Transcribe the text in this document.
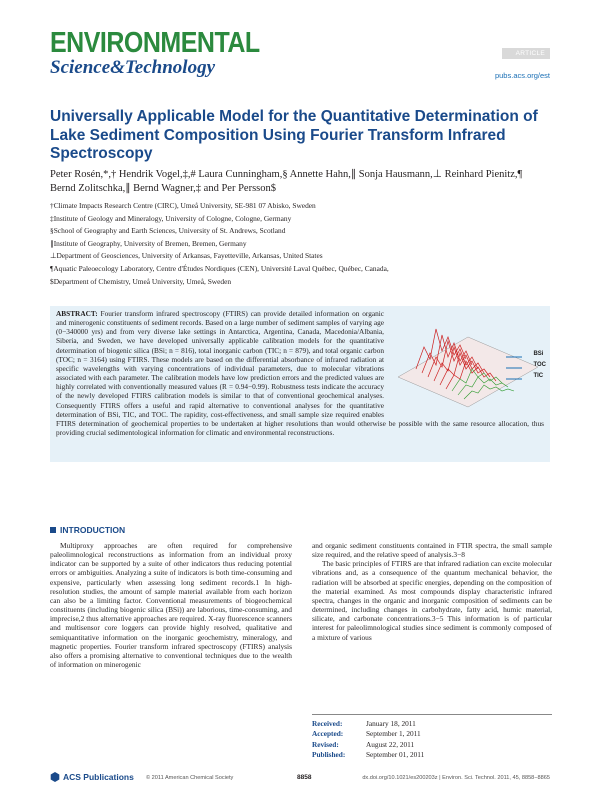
ENVIRONMENTAL
Science&Technology
ARTICLE
pubs.acs.org/est
Universally Applicable Model for the Quantitative Determination of Lake Sediment Composition Using Fourier Transform Infrared Spectroscopy
Peter Rosén,*,† Hendrik Vogel,‡,# Laura Cunningham,§ Annette Hahn,∥ Sonja Hausmann,⊥ Reinhard Pienitz,¶ Bernd Zolitschka,∥ Bernd Wagner,‡ and Per Persson$
†Climate Impacts Research Centre (CIRC), Umeå University, SE-981 07 Abisko, Sweden
‡Institute of Geology and Mineralogy, University of Cologne, Cologne, Germany
§School of Geography and Earth Sciences, University of St. Andrews, Scotland
∥Institute of Geography, University of Bremen, Bremen, Germany
⊥Department of Geosciences, University of Arkansas, Fayetteville, Arkansas, United States
¶Aquatic Paleoecology Laboratory, Centre d'Études Nordiques (CEN), Université Laval Québec, Québec, Canada,
$Department of Chemistry, Umeå University, Umeå, Sweden
BSi
TOC
TIC

ABSTRACT: Fourier transform infrared spectroscopy (FTIRS) can provide detailed information on organic and minerogenic constituents of sediment records. Based on a large number of sediment samples of varying age (0−340000 yrs) and from very diverse lake settings in Antarctica, Argentina, Canada, Macedonia/Albania, Siberia, and Sweden, we have developed universally applicable calibration models for the quantitative determination of biogenic silica (BSi; n = 816), total inorganic carbon (TIC; n = 879), and total organic carbon (TOC; n = 3164) using FTIRS. These models are based on the differential absorbance of infrared radiation at specific wavelengths with varying concentrations of individual parameters, due to molecular vibrations associated with each parameter. The calibration models have low prediction errors and the predicted values are highly correlated with conventionally measured values (R = 0.94−0.99). Robustness tests indicate the accuracy of the newly developed FTIRS calibration models is similar to that of conventional geochemical analyses. Consequently FTIRS offers a useful and rapid alternative to conventional analyses for the quantitative determination of BSi, TIC, and TOC. The rapidity, cost-effectiveness, and small sample size required enables FTIRS determination of geochemical properties to be undertaken at higher resolutions than would otherwise be possible with the same resource allocation, thus providing crucial sedimentological information for climatic and environmental reconstructions.

INTRODUCTION

Multiproxy approaches are often required for comprehensive paleolimnological reconstructions as information from an individual proxy indicator can be supported by a suite of other indicators thus reducing potential errors or ambiguities. Analyzing a suite of indicators is both time-consuming and expensive, particularly when assessing long sediment records.1 In high-resolution studies, the amount of sample material available from each horizon can also be a limiting factor. Conventional measurements of biogeochemical constituents (including biogenic silica (BSi)) are laborious, time-consuming, and imprecise,2 thus alternative approaches are required. X-ray fluorescence scanners and multisensor core loggers can provide highly resolved, qualitative and semiquantitative information on the inorganic geochemistry, mineralogy, and magnetic properties. Fourier transform infrared spectroscopy (FTIRS) analysis also offers a promising alternative to conventional techniques due to the wealth of information on minerogenic

and organic sediment constituents contained in FTIR spectra, the small sample size required, and the relative speed of analysis.3−8

The basic principles of FTIRS are that infrared radiation can excite molecular vibrations and, as a consequence of the quantum mechanical behavior, the radiation will be absorbed at specific energies, depending on the composition of the material examined. As most compounds display characteristic infrared spectra, changes in the organic and inorganic composition of sediments can be determined, including changes in carbohydrate, fatty acid, humic material, silicate, and carbonate concentrations.3−5 This information is of particular interest for paleolimnological studies since sediment is commonly composed of a mixture of various

Received:	January 18, 2011
Accepted:	September 1, 2011
Revised:	August 22, 2011
Published:	September 01, 2011
ACS Publications © 2011 American Chemical Society	8858	dx.doi.org/10.1021/es200203z | Environ. Sci. Technol. 2011, 45, 8858−8865
